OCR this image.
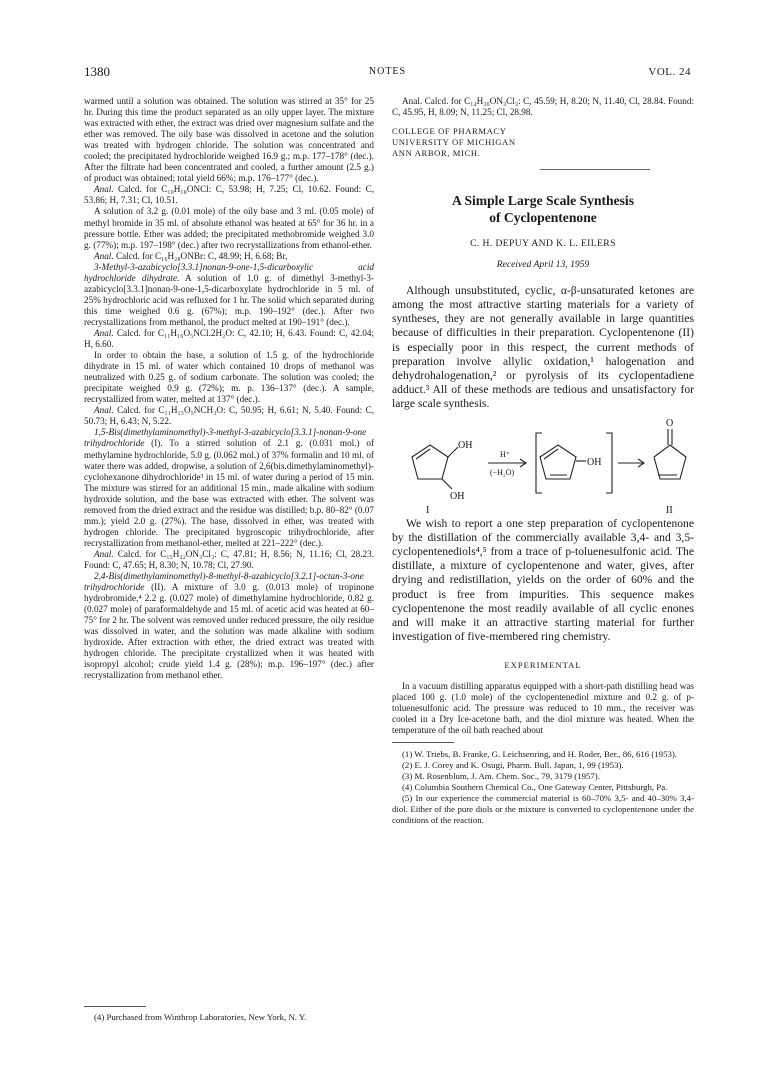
1380	NOTES	VOL. 24

warmed until a solution was obtained. The solution was stirred at 35° for 25 hr. During this time the product separated as an oily upper layer. The mixture was extracted with ether, the extract was dried over magnesium sulfate and the ether was removed. The oily base was dissolved in acetone and the solution was treated with hydrogen chloride. The solution was concentrated and cooled; the precipitated hydrochloride weighed 16.9 g.; m.p. 177–178° (dec.). After the filtrate had been concentrated and cooled, a further amount (2.5 g.) of product was obtained; total yield 66%; m.p. 176–177° (dec.).

Anal. Calcd. for C₁₀H₁₈ONCl: C, 53.98; H, 7.25; Cl, 10.62. Found: C, 53.86; H, 7.31; Cl, 10.51.

A solution of 3.2 g. (0.01 mole) of the oily base and 3 ml. (0.05 mole) of methyl bromide in 35 ml. of absolute ethanol was heated at 65° for 36 hr. in a pressure bottle. Ether was added; the precipitated methobromide weighed 3.0 g. (77%); m.p. 197–198° (dec.) after two recrystallizations from ethanol-ether.

Anal. Calcd. for C₁₆H₂₈ONBr: C, 48.99; H, 6.68; Br,

3-Methyl-3-azabicyclo[3.3.1]nonan-9-one-1,5-dicarboxylic acid hydrochloride dihydrate. A solution of 1.0 g. of dimethyl 3-methyl-3-azabicyclo[3.3.1]nonan-9-one-1,5-dicarboxylate hydrochloride in 5 ml. of 25% hydrochloric acid was refluxed for 1 hr. The solid which separated during this time weighed 0.6 g. (67%); m.p. 190–192° (dec.). After two recrystallizations from methanol, the product melted at 190–191° (dec.).

Anal. Calcd. for C₁₁H₁₆O₅NCl.2H₂O: C, 42.10; H, 6.43. Found: C, 42.04; H, 6.60.

In order to obtain the base, a solution of 1.5 g. of the hydrochloride dihydrate in 15 ml. of water which contained 10 drops of methanol was neutralized with 0.25 g. of sodium carbonate. The solution was cooled; the precipitate weighed 0.9 g. (72%); m. p. 136–137° (dec.). A sample, recrystallized from water, melted at 137° (dec.).

Anal. Calcd. for C₁₁H₁₅O₅NCH₃O: C, 50.95; H, 6.61; N, 5.40. Found: C, 50.73; H, 6.43; N, 5.22.

1,5-Bis(dimethylaminomethyl)-3-methyl-3-azabicyclo[3.3.1]-nonan-9-one trihydrochloride (I). To a stirred solution of 2.1 g. (0.031 mol.) of methylamine hydrochloride, 5.0 g. (0.062 mol.) of 37% formalin and 10 ml. of water there was added, dropwise, a solution of 2,6(bis.dimethylaminomethyl)-cyclohexanone dihydrochloride³ in 15 ml. of water during a period of 15 min. The mixture was stirred for an additional 15 min., made alkaline with sodium hydroxide solution, and the base was extracted with ether. The solvent was removed from the dried extract and the residue was distilled; b.p. 80–82° (0.07 mm.); yield 2.0 g. (27%). The base, dissolved in ether, was treated with hydrogen chloride. The precipitated hygroscopic trihydrochloride, after recrystallization from methanol-ether, melted at 221–222° (dec.).

Anal. Calcd. for C₁₅H₃₂ON₃Cl₃: C, 47.81; H, 8.56; N, 11.16; Cl, 28.23. Found: C, 47.65; H, 8.30; N, 10.78; Cl, 27.90.

2,4-Bis(dimethylaminomethyl)-8-methyl-8-azabicyclo[3.2.1]-octan-3-one trihydrochloride (II). A mixture of 3.0 g. (0.013 mole) of tropinone hydrobromide,⁴ 2.2 g. (0.027 mole) of dimethylamine hydrochloride, 0.82 g. (0.027 mole) of paraformaldehyde and 15 ml. of acetic acid was heated at 60–75° for 2 hr. The solvent was removed under reduced pressure, the oily residue was dissolved in water, and the solution was made alkaline with sodium hydroxide. After extraction with ether, the dried extract was treated with hydrogen chloride. The precipitate crystallized when it was heated with isopropyl alcohol; crude yield 1.4 g. (28%); m.p. 196–197° (dec.) after recrystallization from methanol ether.

(4) Purchased from Winthrop Laboratories, New York, N. Y.

Anal. Calcd. for C₁₄H₃₀ON₃Cl₃: C, 45.59; H, 8.20; N, 11.40, Cl, 28.84. Found: C, 45.95, H, 8.09; N, 11.25; Cl, 28.98.

COLLEGE OF PHARMACY
UNIVERSITY OF MICHIGAN
ANN ARBOR, MICH.
A Simple Large Scale Synthesis
of Cyclopentenone
C. H. DEPUY AND K. L. EILERS
Received April 13, 1959

Although unsubstituted, cyclic, α-β-unsaturated ketones are among the most attractive starting materials for a variety of syntheses, they are not generally available in large quantities because of difficulties in their preparation. Cyclopentenone (II) is especially poor in this respect, the current methods of preparation involve allylic oxidation,¹ halogenation and dehydrohalogenation,² or pyrolysis of its cyclopentadiene adduct.³ All of these methods are tedious and unsatisfactory for large scale synthesis.

OH
OH
OH
O
H⁺
(−H₂O)
I	II

We wish to report a one step preparation of cyclopentenone by the distillation of the commercially available 3,4- and 3,5-cyclopentenediols⁴,⁵ from a trace of p-toluenesulfonic acid. The distillate, a mixture of cyclopentenone and water, gives, after drying and redistillation, yields on the order of 60% and the product is free from impurities. This sequence makes cyclopentenone the most readily available of all cyclic enones and will make it an attractive starting material for further investigation of five-membered ring chemistry.

EXPERIMENTAL

In a vacuum distilling apparatus equipped with a short-path distilling head was placed 100 g. (1.0 mole) of the cyclopentenediol mixture and 0.2 g. of p-toluenesulfonic acid. The pressure was reduced to 10 mm., the receiver was cooled in a Dry Ice-acetone bath, and the diol mixture was heated. When the temperature of the oil bath reached about

(1) W. Triebs, B. Franke, G. Leichsenring, and H. Roder, Ber., 86, 616 (1953).

(2) E. J. Corey and K. Osugi, Pharm. Bull. Japan, 1, 99 (1953).

(3) M. Rosenblum, J. Am. Chem. Soc., 79, 3179 (1957).

(4) Columbia Southern Chemical Co., One Gateway Center, Pittsburgh, Pa.

(5) In our experience the commercial material is 60–70% 3,5- and 40–30% 3,4- diol. Either of the pure diols or the mixture is converted to cyclopentenone under the conditions of the reaction.
